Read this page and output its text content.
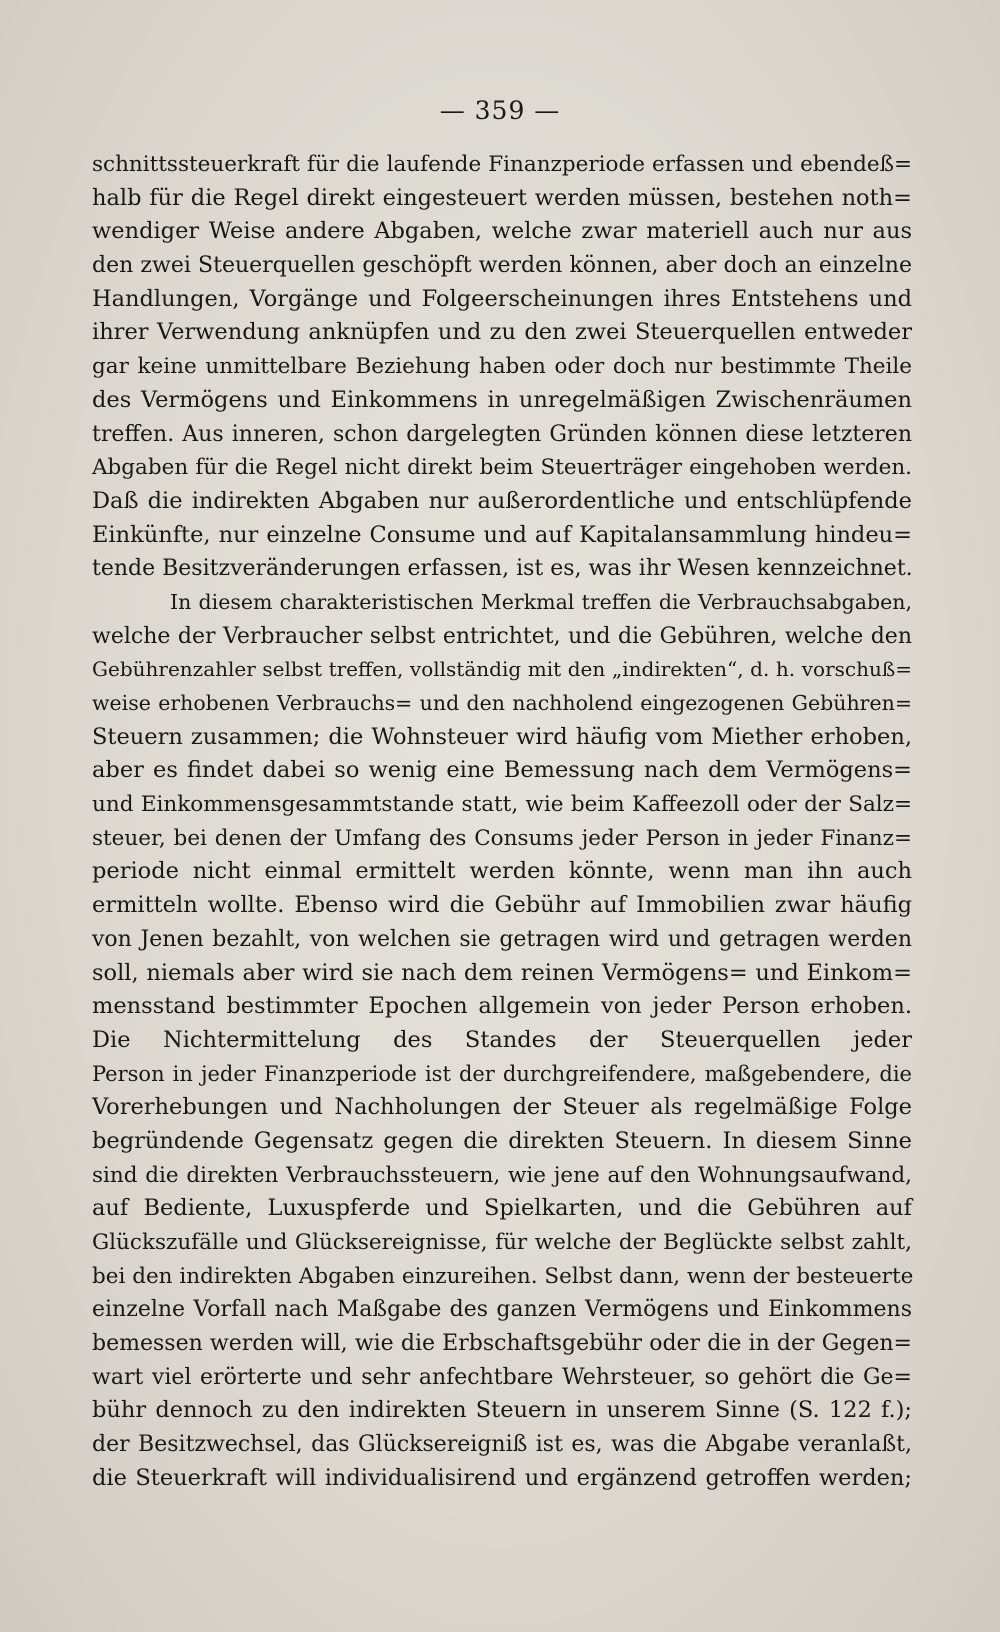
— 359 —
schnittssteuerkraft für die laufende Finanzperiode erfassen und ebendeß=
halb für die Regel direkt eingesteuert werden müssen, bestehen noth=
wendiger Weise andere Abgaben, welche zwar materiell auch nur aus
den zwei Steuerquellen geschöpft werden können, aber doch an einzelne
Handlungen, Vorgänge und Folgeerscheinungen ihres Entstehens und
ihrer Verwendung anknüpfen und zu den zwei Steuerquellen entweder
gar keine unmittelbare Beziehung haben oder doch nur bestimmte Theile
des Vermögens und Einkommens in unregelmäßigen Zwischenräumen
treffen. Aus inneren, schon dargelegten Gründen können diese letzteren
Abgaben für die Regel nicht direkt beim Steuerträger eingehoben werden.
Daß die indirekten Abgaben nur außerordentliche und entschlüpfende
Einkünfte, nur einzelne Consume und auf Kapitalansammlung hindeu=
tende Besitzveränderungen erfassen, ist es, was ihr Wesen kennzeichnet.
In diesem charakteristischen Merkmal treffen die Verbrauchsabgaben,
welche der Verbraucher selbst entrichtet, und die Gebühren, welche den
Gebührenzahler selbst treffen, vollständig mit den „indirekten“, d. h. vorschuß=
weise erhobenen Verbrauchs= und den nachholend eingezogenen Gebühren=
Steuern zusammen; die Wohnsteuer wird häufig vom Miether erhoben,
aber es findet dabei so wenig eine Bemessung nach dem Vermögens=
und Einkommensgesammtstande statt, wie beim Kaffeezoll oder der Salz=
steuer, bei denen der Umfang des Consums jeder Person in jeder Finanz=
periode nicht einmal ermittelt werden könnte, wenn man ihn auch
ermitteln wollte. Ebenso wird die Gebühr auf Immobilien zwar häufig
von Jenen bezahlt, von welchen sie getragen wird und getragen werden
soll, niemals aber wird sie nach dem reinen Vermögens= und Einkom=
mensstand bestimmter Epochen allgemein von jeder Person erhoben.
Die Nichtermittelung des Standes der Steuerquellen jeder
Person in jeder Finanzperiode ist der durchgreifendere, maßgebendere, die
Vorerhebungen und Nachholungen der Steuer als regelmäßige Folge
begründende Gegensatz gegen die direkten Steuern. In diesem Sinne
sind die direkten Verbrauchssteuern, wie jene auf den Wohnungsaufwand,
auf Bediente, Luxuspferde und Spielkarten, und die Gebühren auf
Glückszufälle und Glücksereignisse, für welche der Beglückte selbst zahlt,
bei den indirekten Abgaben einzureihen. Selbst dann, wenn der besteuerte
einzelne Vorfall nach Maßgabe des ganzen Vermögens und Einkommens
bemessen werden will, wie die Erbschaftsgebühr oder die in der Gegen=
wart viel erörterte und sehr anfechtbare Wehrsteuer, so gehört die Ge=
bühr dennoch zu den indirekten Steuern in unserem Sinne (S. 122 f.);
der Besitzwechsel, das Glücksereigniß ist es, was die Abgabe veranlaßt,
die Steuerkraft will individualisirend und ergänzend getroffen werden;
